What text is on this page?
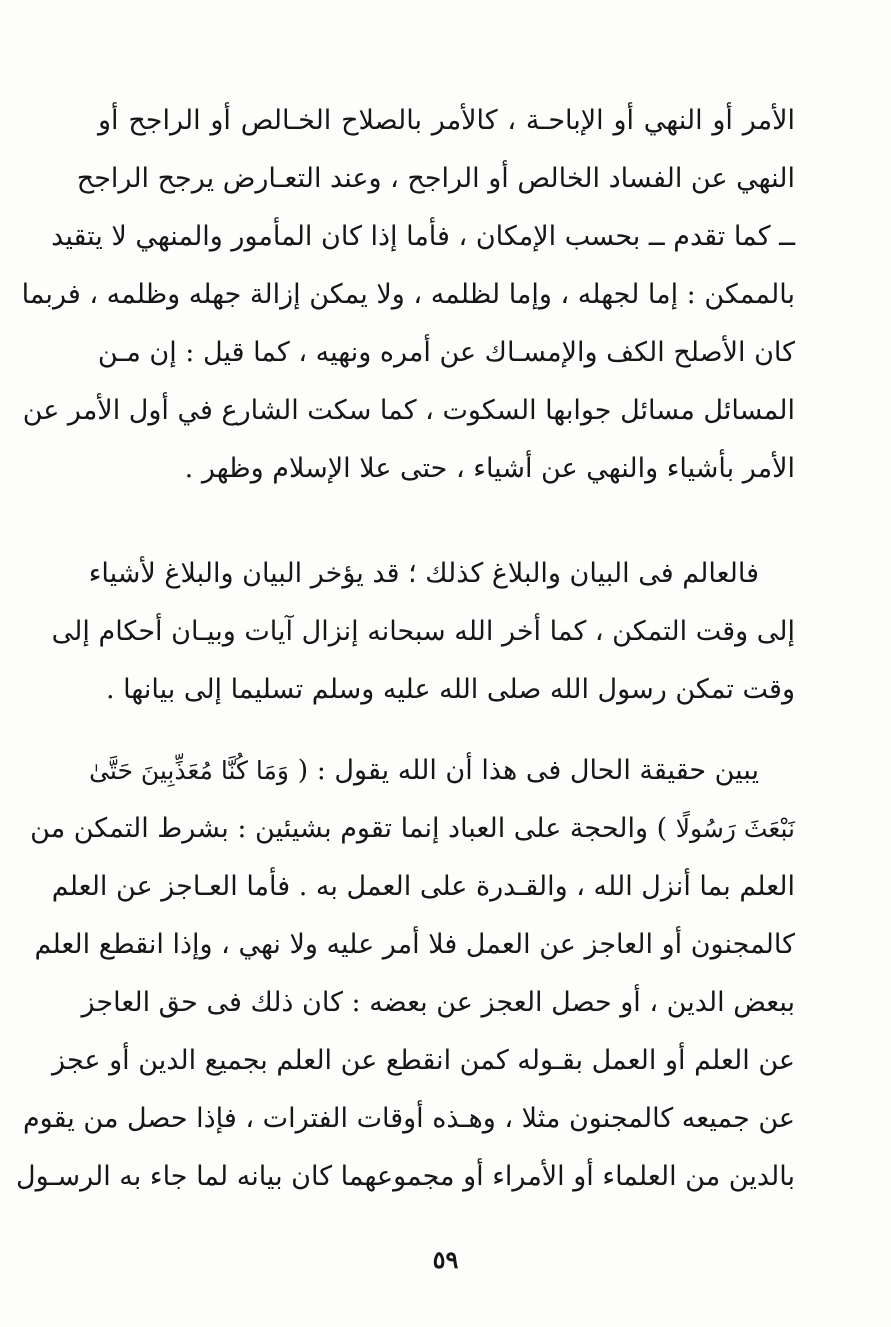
الأمر أو النهي أو الإباحـة ، كالأمر بالصلاح الخـالص أو الراجح أو
النهي عن الفساد الخالص أو الراجح ، وعند التعـارض يرجح الراجح
ــ كما تقدم ــ بحسب الإمكان ، فأما إذا كان المأمور والمنهي لا يتقيد
بالممكن : إما لجهله ، وإما لظلمه ، ولا يمكن إزالة جهله وظلمه ، فربما
كان الأصلح الكف والإمسـاك عن أمره ونهيه ، كما قيل : إن مـن
المسائل مسائل جوابها السكوت ، كما سكت الشارع في أول الأمر عن
الأمر بأشياء والنهي عن أشياء ، حتى علا الإسلام وظهر .
فالعالم فى البيان والبلاغ كذلك ؛ قد يؤخر البيان والبلاغ لأشياء
إلى وقت التمكن ، كما أخر الله سبحانه إنزال آيات وبيـان أحكام إلى
وقت تمكن رسول الله صلى الله عليه وسلم تسليما إلى بيانها .
يبين حقيقة الحال فى هذا أن الله يقول : ( وَمَا كُنَّا مُعَذِّبِينَ حَتَّىٰ
نَبْعَثَ رَسُولًا ) والحجة على العباد إنما تقوم بشيئين : بشرط التمكن من
العلم بما أنزل الله ، والقـدرة على العمل به . فأما العـاجز عن العلم
كالمجنون أو العاجز عن العمل فلا أمر عليه ولا نهي ، وإذا انقطع العلم
ببعض الدين ، أو حصل العجز عن بعضه : كان ذلك فى حق العاجز
عن العلم أو العمل بقـوله كمن انقطع عن العلم بجميع الدين أو عجز
عن جميعه كالمجنون مثلا ، وهـذه أوقات الفترات ، فإذا حصل من يقوم
بالدين من العلماء أو الأمراء أو مجموعهما كان بيانه لما جاء به الرسـول
٥٩
